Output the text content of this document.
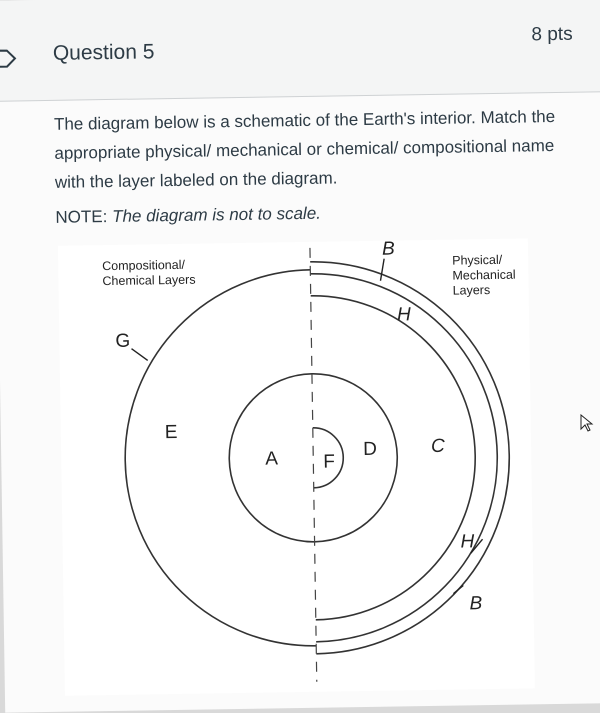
Question 5
8 pts
The diagram below is a schematic of the Earth's interior. Match the appropriate physical/ mechanical or chemical/ compositional name with the layer labeled on the diagram.
NOTE: The diagram is not to scale.
Compositional/
Chemical Layers
Physical/
Mechanical
Layers
G
B
H
E
A F
D	C
H
B
